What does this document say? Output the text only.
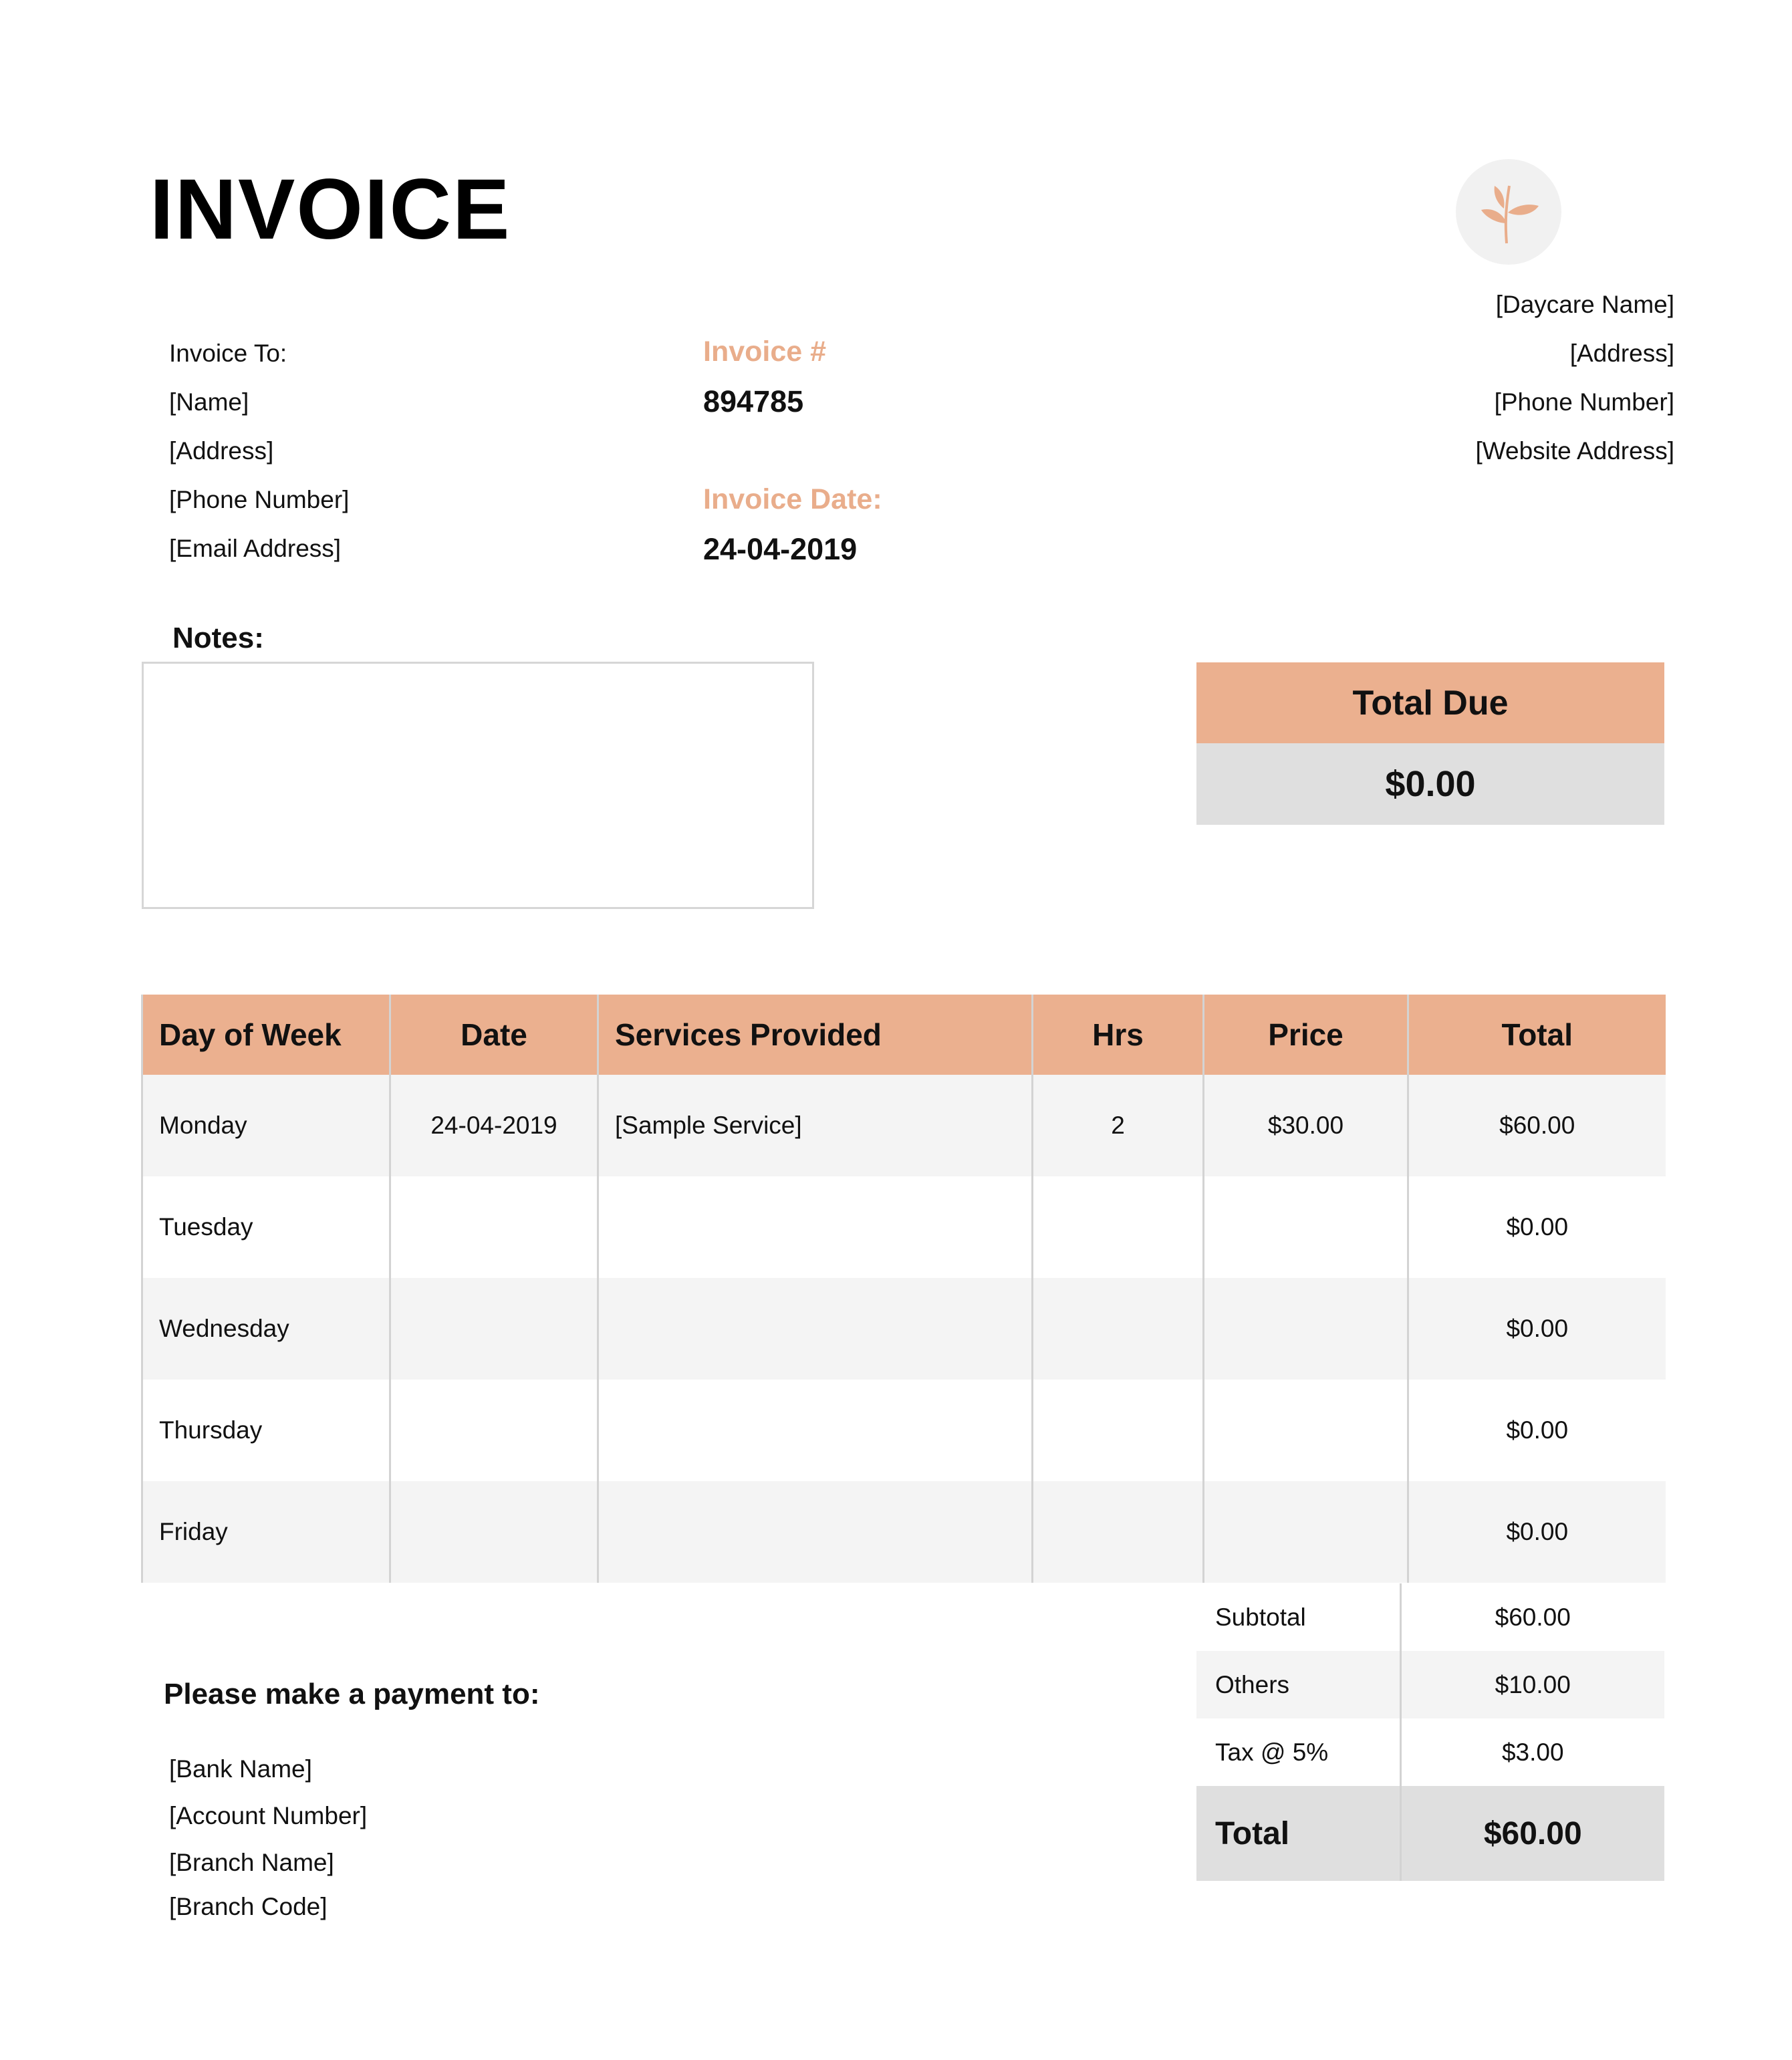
INVOICE
Invoice To:
[Name]
[Address]
[Phone Number]
[Email Address]
Invoice #
894785
Invoice Date:
24-04-2019
[Daycare Name]
[Address]
[Phone Number]
[Website Address]
Notes:
Total Due
$0.00
Day of Week	Date	Services Provided	Hrs	Price	Total
Monday	24-04-2019	[Sample Service]	2	$30.00	$60.00
Tuesday					$0.00
Wednesday					$0.00
Thursday					$0.00
Friday					$0.00
Subtotal	$60.00
Others	$10.00
Tax @ 5%	$3.00
Total	$60.00
Please make a payment to:
[Bank Name]
[Account Number]
[Branch Name]
[Branch Code]
